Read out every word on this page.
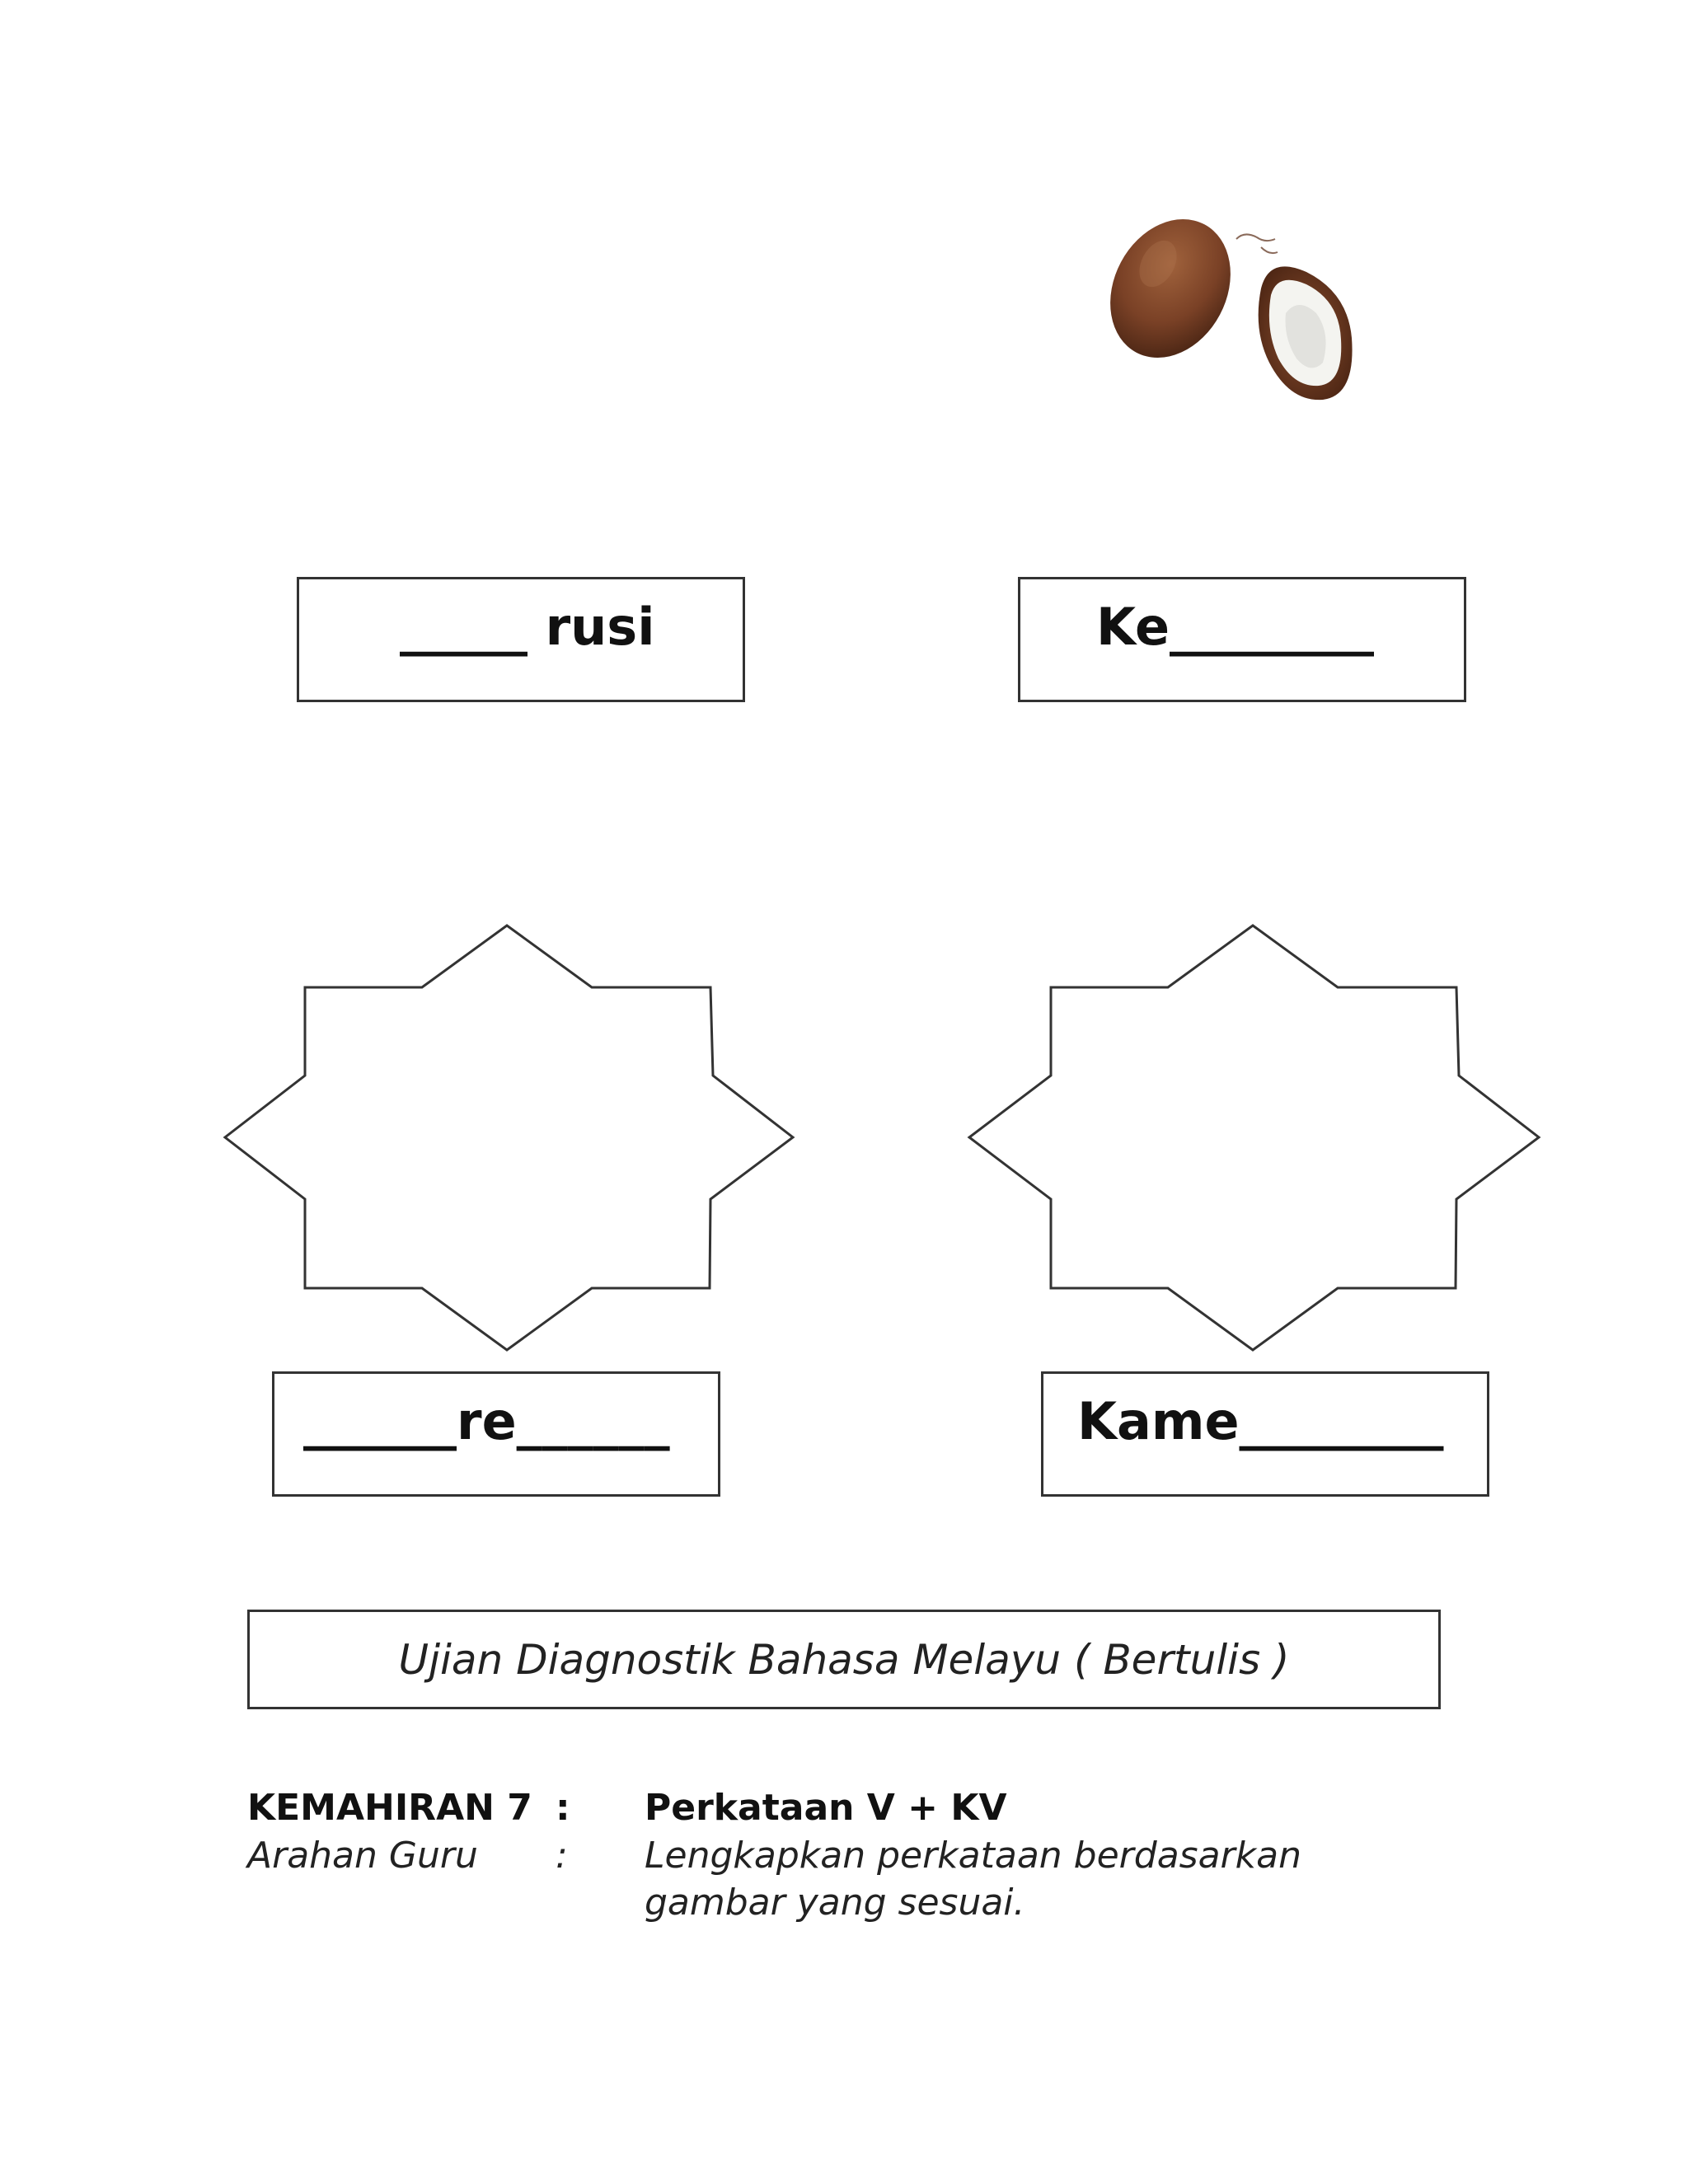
_____ rusi	Ke________
______re______	Kame________
Ujian Diagnostik Bahasa Melayu ( Bertulis )
KEMAHIRAN 7 : Perkataan V + KV
Arahan Guru : Lengkapkan perkataan berdasarkan
gambar yang sesuai.
